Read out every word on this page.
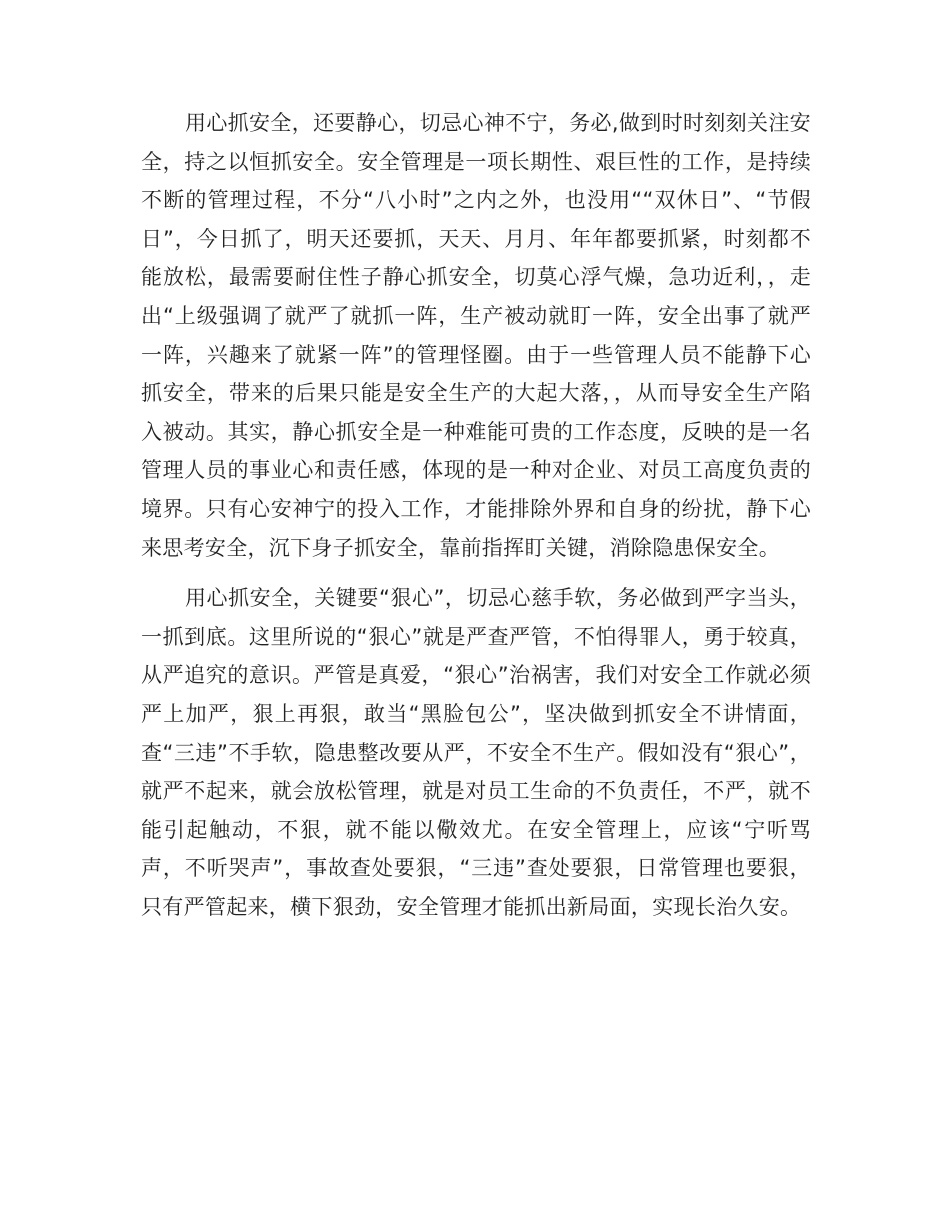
用心抓安全，还要静心，切忌心神不宁，务必,做到时时刻刻关注安全，持之以恒抓安全。安全管理是一项长期性、艰巨性的工作，是持续不断的管理过程，不分“八小时”之内之外，也没用““双休日”、“节假日”，今日抓了，明天还要抓，天天、月月、年年都要抓紧，时刻都不能放松，最需要耐住性子静心抓安全，切莫心浮气燥，急功近利，，走出“上级强调了就严了就抓一阵，生产被动就盯一阵，安全出事了就严一阵，兴趣来了就紧一阵”的管理怪圈。由于一些管理人员不能静下心抓安全，带来的后果只能是安全生产的大起大落，，从而导安全生产陷入被动。其实，静心抓安全是一种难能可贵的工作态度，反映的是一名管理人员的事业心和责任感，体现的是一种对企业、对员工高度负责的境界。只有心安神宁的投入工作，才能排除外界和自身的纷扰，静下心来思考安全，沉下身子抓安全，靠前指挥盯关键，消除隐患保安全。

用心抓安全，关键要“狠心”，切忌心慈手软，务必做到严字当头，一抓到底。这里所说的“狠心”就是严查严管，不怕得罪人，勇于较真，从严追究的意识。严管是真爱，“狠心”治祸害，我们对安全工作就必须严上加严，狠上再狠，敢当“黑脸包公”，坚决做到抓安全不讲情面，查“三违”不手软，隐患整改要从严，不安全不生产。假如没有“狠心”，就严不起来，就会放松管理，就是对员工生命的不负责任，不严，就不能引起触动，不狠，就不能以儆效尤。在安全管理上，应该“宁听骂声，不听哭声”，事故查处要狠，“三违”查处要狠，日常管理也要狠，只有严管起来，横下狠劲，安全管理才能抓出新局面，实现长治久安。
